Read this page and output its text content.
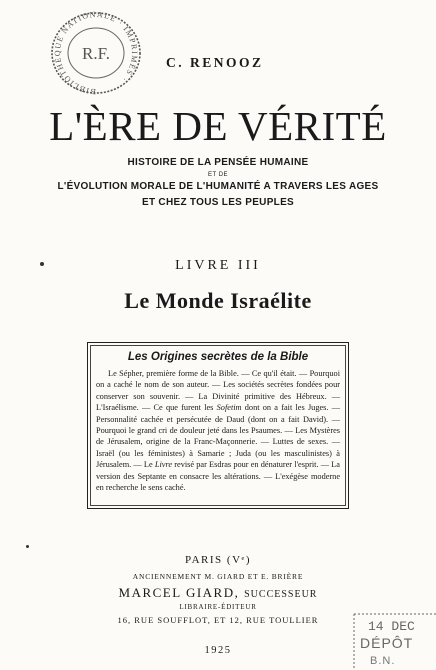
BIBLIOTHÈQUE NATIONALE · IMPRIMÉS ·
R.F.	C. RENOOZ
L'ÈRE DE VÉRITÉ
HISTOIRE DE LA PENSÉE HUMAINE
ET DE
L'ÉVOLUTION MORALE DE L'HUMANITÉ A TRAVERS LES AGES
ET CHEZ TOUS LES PEUPLES
LIVRE III
Le Monde Israélite
Les Origines secrètes de la Bible

Le Sépher, première forme de la Bible. — Ce qu'il était. — Pourquoi on a caché le nom de son auteur. — Les sociétés secrètes fondées pour conserver son souvenir. — La Divinité primitive des Hébreux. — L'Israélisme. — Ce que furent les Sofetim dont on a fait les Juges. — Personnalité cachée et persécutée de Daud (dont on a fait David). — Pourquoi le grand cri de douleur jeté dans les Psaumes. — Les Mystères de Jérusalem, origine de la Franc-Maçonnerie. — Luttes de sexes. — Israël (ou les féministes) à Samarie ; Juda (ou les masculinistes) à Jérusalem. — Le Livre revisé par Esdras pour en dénaturer l'esprit. — La version des Septante en consacre les altérations. — L'exégèse moderne en recherche le sens caché.

PARIS (Vᵉ)
ANCIENNEMENT M. GIARD ET E. BRIÈRE
MARCEL GIARD, SUCCESSEUR
LIBRAIRE-ÉDITEUR
16, RUE SOUFFLOT, ET 12, RUE TOULLIER
1925
14 DEC
DÉPÔT
B.N.
